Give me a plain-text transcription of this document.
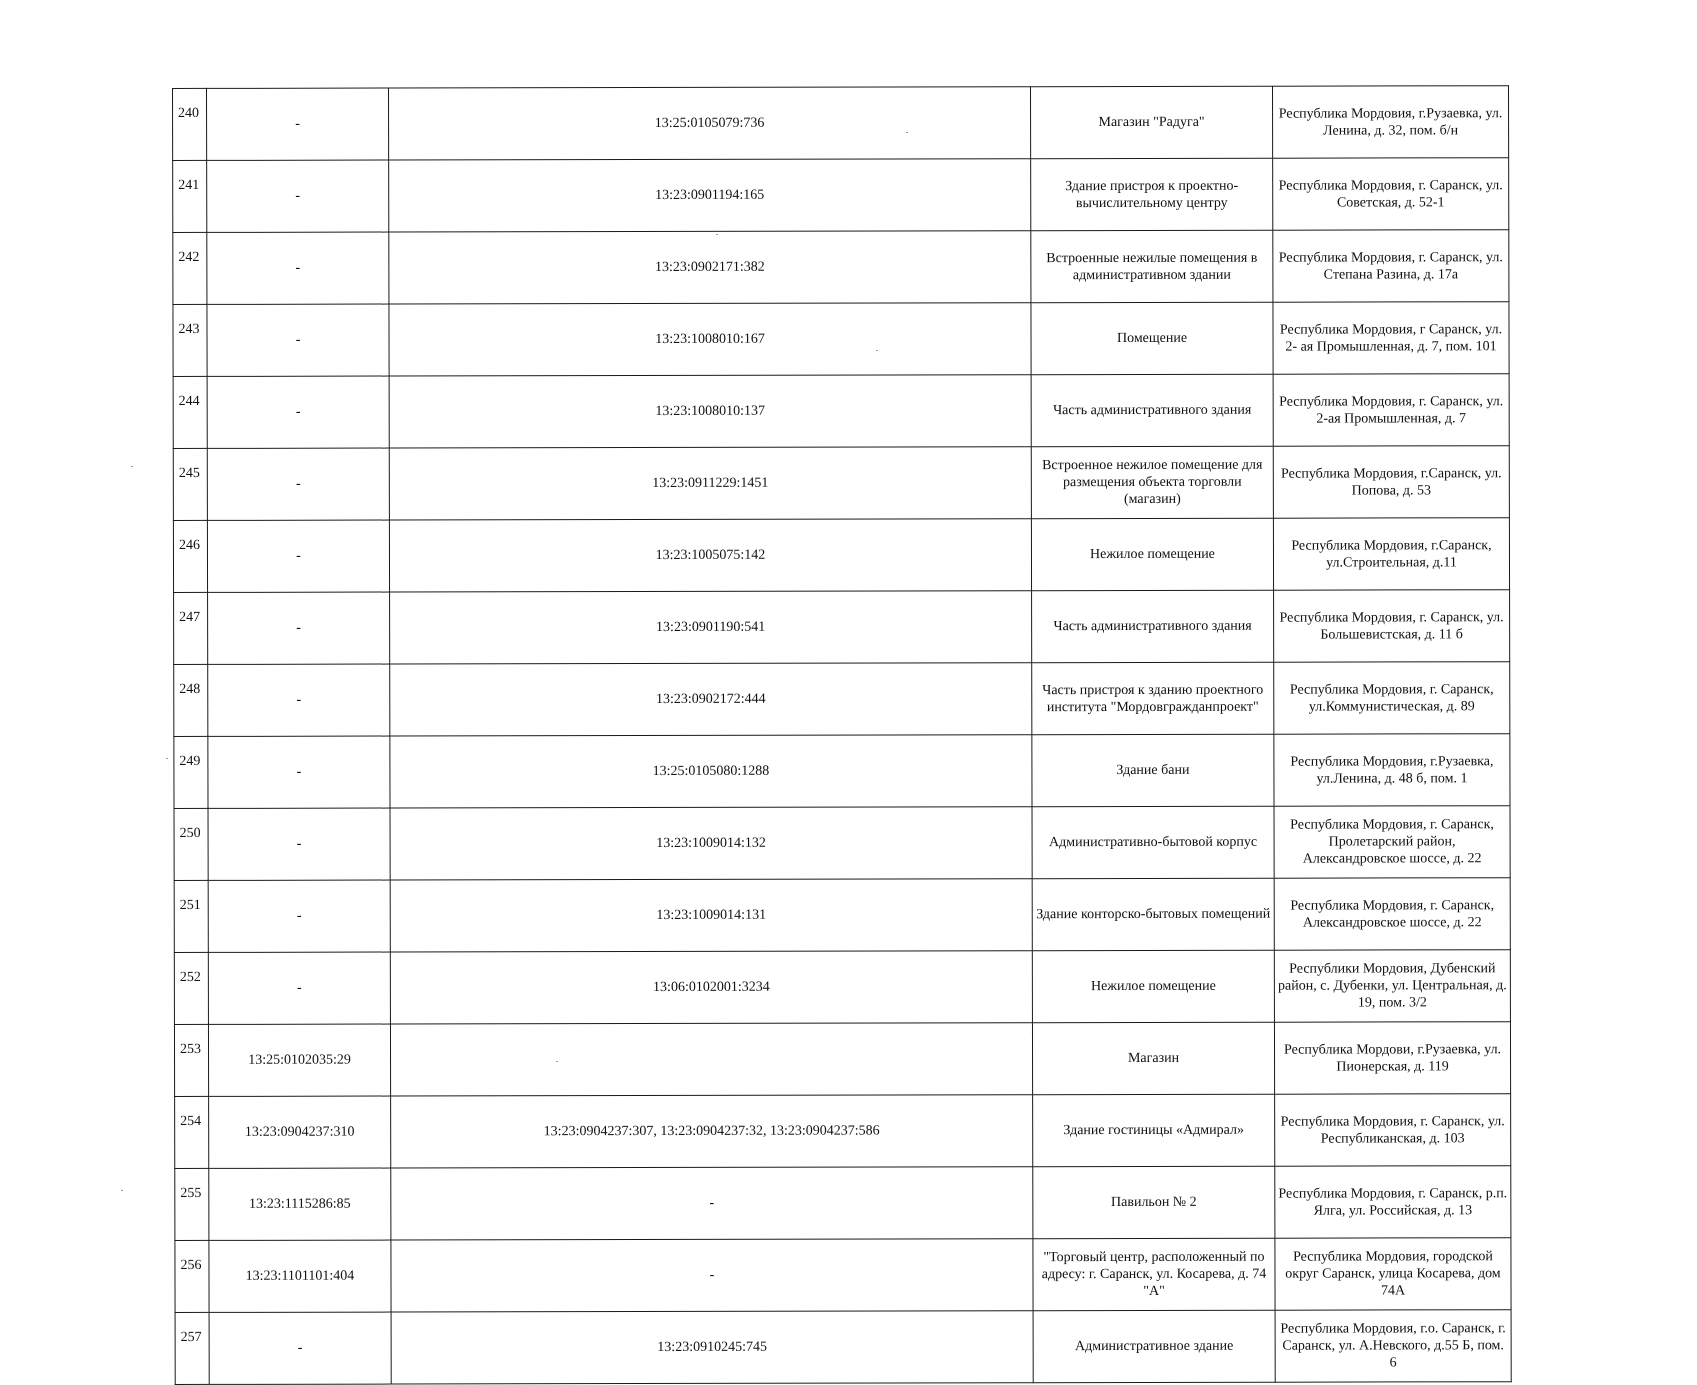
240	-	13:25:0105079:736	Магазин "Радуга"	Республика Мордовия, г.Рузаевка, ул. Ленина, д. 32, пом. б/н
241	-	13:23:0901194:165	Здание пристроя к проектно-вычислительному центру	Республика Мордовия, г. Саранск, ул. Советская, д. 52-1
242	-	13:23:0902171:382	Встроенные нежилые помещения в административном здании	Республика Мордовия, г. Саранск, ул. Степана Разина, д. 17а
243	-	13:23:1008010:167	Помещение	Республика Мордовия, г Саранск, ул. 2- ая Промышленная, д. 7, пом. 101
244	-	13:23:1008010:137	Часть административного здания	Республика Мордовия, г. Саранск, ул. 2-ая Промышленная, д. 7
245	-	13:23:0911229:1451	Встроенное нежилое помещение для размещения объекта торговли (магазин)	Республика Мордовия, г.Саранск, ул. Попова, д. 53
246	-	13:23:1005075:142	Нежилое помещение	Республика Мордовия, г.Саранск, ул.Строительная, д.11
247	-	13:23:0901190:541	Часть административного здания	Республика Мордовия, г. Саранск, ул. Большевистская, д. 11 б
248	-	13:23:0902172:444	Часть пристроя к зданию проектного института "Мордовгражданпроект"	Республика Мордовия, г. Саранск, ул.Коммунистическая, д. 89
249	-	13:25:0105080:1288	Здание бани	Республика Мордовия, г.Рузаевка, ул.Ленина, д. 48 б, пом. 1
250	-	13:23:1009014:132	Административно-бытовой корпус	Республика Мордовия, г. Саранск, Пролетарский район, Александровское шоссе, д. 22
251	-	13:23:1009014:131	Здание конторско-бытовых помещений	Республика Мордовия, г. Саранск, Александровское шоссе, д. 22
252	-	13:06:0102001:3234	Нежилое помещение	Республики Мордовия, Дубенский район, с. Дубенки, ул. Центральная, д. 19, пом. 3/2
253	13:25:0102035:29		Магазин	Республика Мордови, г.Рузаевка, ул. Пионерская, д. 119
254	13:23:0904237:310	13:23:0904237:307, 13:23:0904237:32, 13:23:0904237:586	Здание гостиницы «Адмирал»	Республика Мордовия, г. Саранск, ул. Республиканская, д. 103
255	13:23:1115286:85	-	Павильон № 2	Республика Мордовия, г. Саранск, р.п. Ялга, ул. Российская, д. 13
256	13:23:1101101:404	-	"Торговый центр, расположенный по адресу: г. Саранск, ул. Косарева, д. 74 "А"	Республика Мордовия, городской округ Саранск, улица Косарева, дом 74А
257	-	13:23:0910245:745	Административное здание	Республика Мордовия, г.о. Саранск, г. Саранск, ул. А.Невского, д.55 Б, пом. 6
